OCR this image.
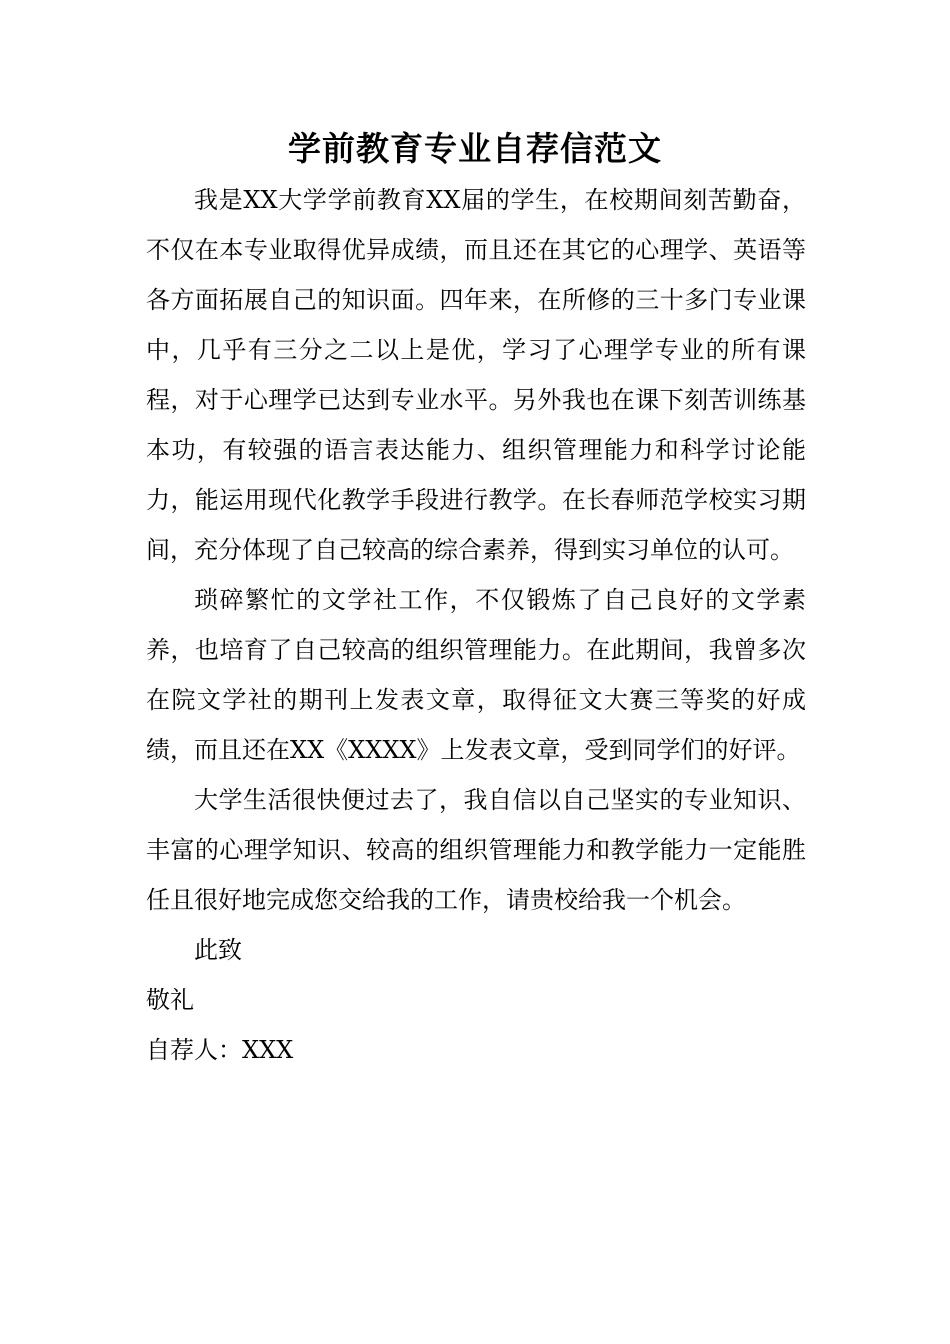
学前教育专业自荐信范文

我是XX大学学前教育XX届的学生，在校期间刻苦勤奋，不仅在本专业取得优异成绩，而且还在其它的心理学、英语等各方面拓展自己的知识面。四年来，在所修的三十多门专业课中，几乎有三分之二以上是优，学习了心理学专业的所有课程，对于心理学已达到专业水平。另外我也在课下刻苦训练基本功，有较强的语言表达能力、组织管理能力和科学讨论能力，能运用现代化教学手段进行教学。在长春师范学校实习期间，充分体现了自己较高的综合素养，得到实习单位的认可。

琐碎繁忙的文学社工作，不仅锻炼了自己良好的文学素养，也培育了自己较高的组织管理能力。在此期间，我曾多次在院文学社的期刊上发表文章，取得征文大赛三等奖的好成绩，而且还在XX《XXXX》上发表文章，受到同学们的好评。

大学生活很快便过去了，我自信以自己坚实的专业知识、丰富的心理学知识、较高的组织管理能力和教学能力一定能胜任且很好地完成您交给我的工作，请贵校给我一个机会。

此致

敬礼

自荐人：XXX
